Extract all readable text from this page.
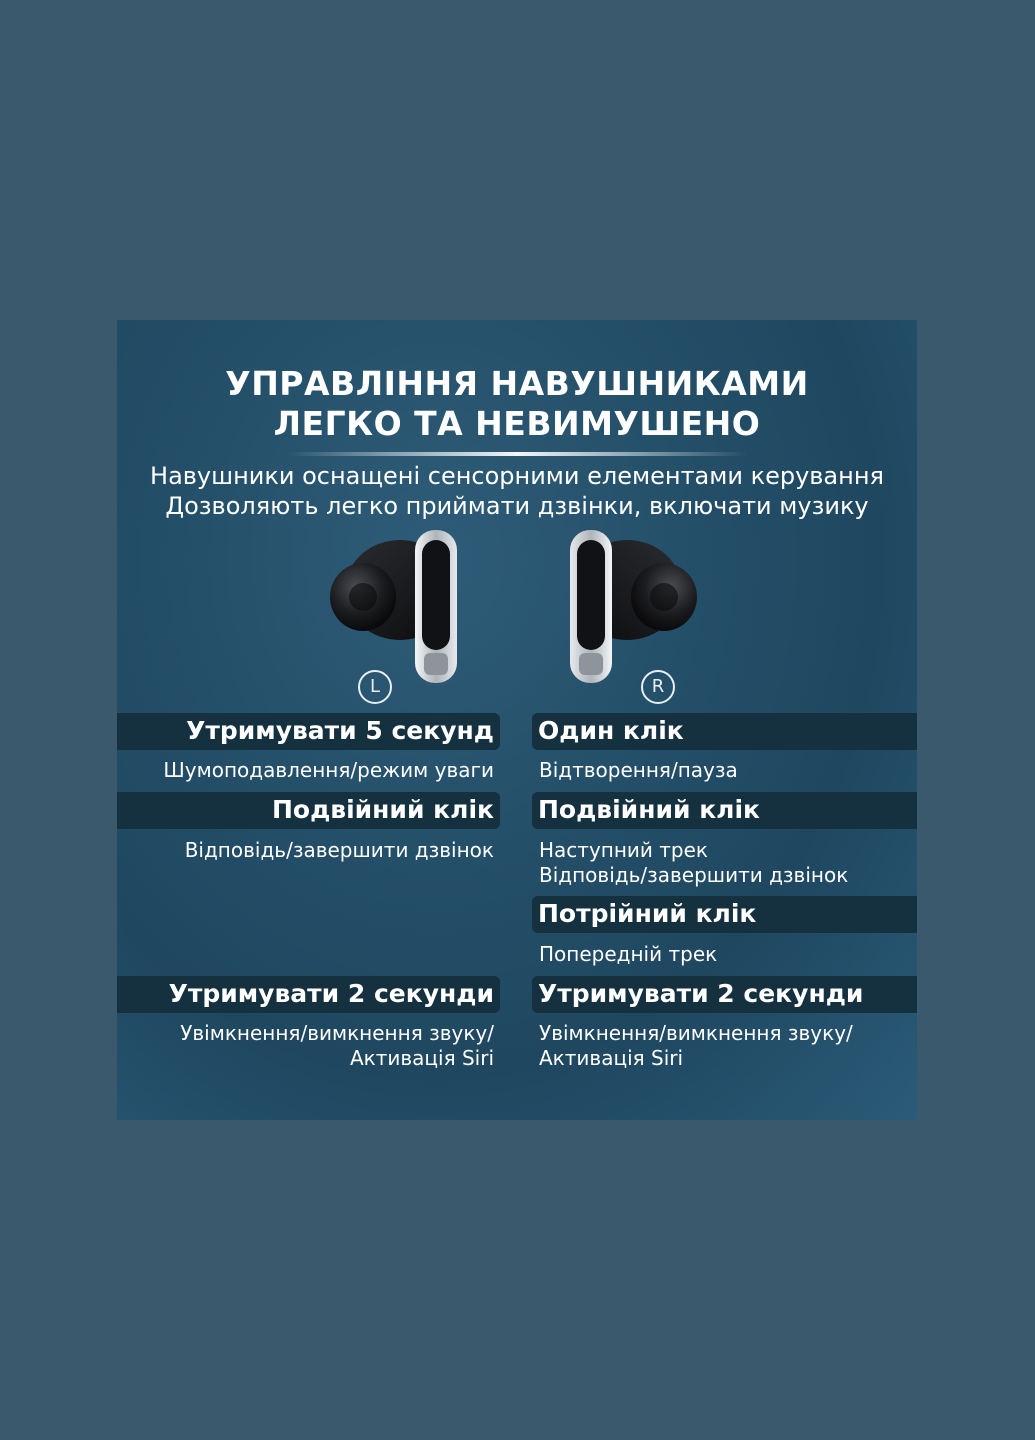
УПРАВЛІННЯ НАВУШНИКАМИ
ЛЕГКО ТА НЕВИМУШЕНО

Навушники оснащені сенсорними елементами керування

Дозволяють легко приймати дзвінки, включати музику

L	R
Утримувати 5 секунд

Шумоподавлення/режим уваги

Подвійний клік

Відповідь/завершити дзвінок

Утримувати 2 секунди

Увімкнення/вимкнення звуку/
Активація Siri

Один клік

Відтворення/пауза

Подвійний клік

Наступний трек
Відповідь/завершити дзвінок

Потрійний клік

Попередній трек

Утримувати 2 секунди

Увімкнення/вимкнення звуку/
Активація Siri
